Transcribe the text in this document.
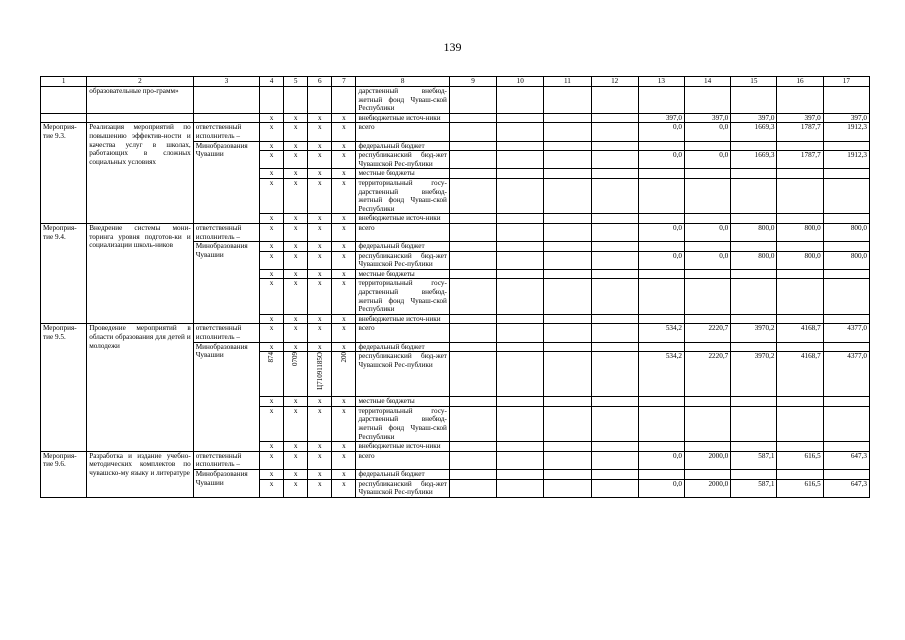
139
1	2	3	4	5	6	7	8	9	10	11	12	13	14	15	16	17
	образовательные про-грамм»						дарственный внебюд-жетный фонд Чуваш-ской Республики									
			х	х	х	х	внебюджетные источ-ники					397,0	397,0	397,0	397,0	397,0
Мероприя-тие 9.3.	Реализация мероприятий по повышению эффектив-ности и качества услуг в школах, работающих в сложных социальных условиях	ответственный исполнитель –	х	х	х	х	всего					0,0	0,0	1669,3	1787,7	1912,3
		Минобразования Чувашии	х	х	х	х	федеральный бюджет									
			х	х	х	х	республиканский бюд-жет Чувашской Рес-публики					0,0	0,0	1669,3	1787,7	1912,3
			х	х	х	х	местные бюджеты									
			х	х	х	х	территориальный госу-дарственный внебюд-жетный фонд Чуваш-ской Республики									
			х	х	х	х	внебюджетные источ-ники									
Мероприя-тие 9.4.	Внедрение системы мони-торинга уровня подготов-ки и социализации школь-ников	ответственный исполнитель –	х	х	х	х	всего					0,0	0,0	800,0	800,0	800,0
		Минобразования Чувашии	х	х	х	х	федеральный бюджет									
			х	х	х	х	республиканский бюд-жет Чувашской Рес-публики					0,0	0,0	800,0	800,0	800,0
			х	х	х	х	местные бюджеты									
			х	х	х	х	территориальный госу-дарственный внебюд-жетный фонд Чуваш-ской Республики									
			х	х	х	х	внебюджетные источ-ники									
Мероприя-тие 9.5.	Проведение мероприятий в области образования для детей и молодежи	ответственный исполнитель –	х	х	х	х	всего					534,2	2220,7	3970,2	4168,7	4377,0
		Минобразования Чувашии	х	х	х	х	федеральный бюджет									
			874	0709	Ц71091185О	200	республиканский бюд-жет Чувашской Рес-публики					534,2	2220,7	3970,2	4168,7	4377,0
			х	х	х	х	местные бюджеты									
			х	х	х	х	территориальный госу-дарственный внебюд-жетный фонд Чуваш-ской Республики									
			х	х	х	х	внебюджетные источ-ники									
Мероприя-тие 9.6.	Разработка и издание учебно-методических комплектов по чувашско-му языку и литературе	ответственный исполнитель –	х	х	х	х	всего					0,0	2000,0	587,1	616,5	647,3
		Минобразования Чувашии	х	х	х	х	федеральный бюджет									
			х	х	х	х	республиканский бюд-жет Чувашской Рес-публики					0,0	2000,0	587,1	616,5	647,3
